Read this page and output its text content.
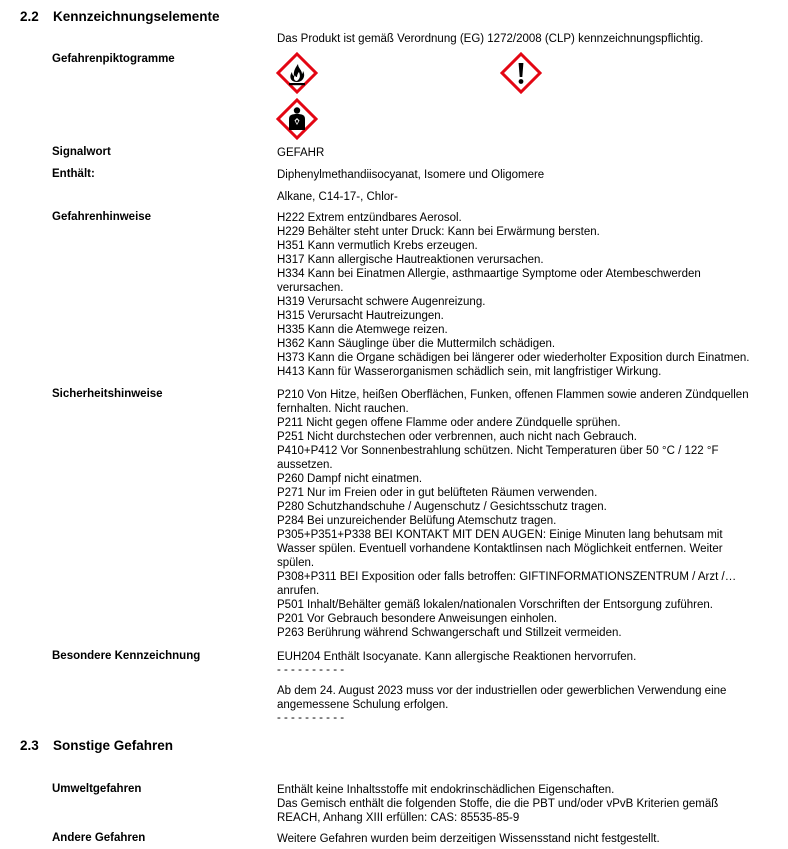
2.2 Kennzeichnungselemente
Das Produkt ist gemäß Verordnung (EG) 1272/2008 (CLP) kennzeichnungspflichtig.
Gefahrenpiktogramme
Signalwort	GEFAHR
Enthält:	Diphenylmethandiisocyanat, Isomere und Oligomere
Alkane, C14-17-, Chlor-
Gefahrenhinweise	H222 Extrem entzündbares Aerosol.
H229 Behälter steht unter Druck: Kann bei Erwärmung bersten.
H351 Kann vermutlich Krebs erzeugen.
H317 Kann allergische Hautreaktionen verursachen.
H334 Kann bei Einatmen Allergie, asthmaartige Symptome oder Atembeschwerden
verursachen.
H319 Verursacht schwere Augenreizung.
H315 Verursacht Hautreizungen.
H335 Kann die Atemwege reizen.
H362 Kann Säuglinge über die Muttermilch schädigen.
H373 Kann die Organe schädigen bei längerer oder wiederholter Exposition durch Einatmen.
H413 Kann für Wasserorganismen schädlich sein, mit langfristiger Wirkung.
Sicherheitshinweise	P210 Von Hitze, heißen Oberflächen, Funken, offenen Flammen sowie anderen Zündquellen
fernhalten. Nicht rauchen.
P211 Nicht gegen offene Flamme oder andere Zündquelle sprühen.
P251 Nicht durchstechen oder verbrennen, auch nicht nach Gebrauch.
P410+P412 Vor Sonnenbestrahlung schützen. Nicht Temperaturen über 50 °C / 122 °F
aussetzen.
P260 Dampf nicht einatmen.
P271 Nur im Freien oder in gut belüfteten Räumen verwenden.
P280 Schutzhandschuhe / Augenschutz / Gesichtsschutz tragen.
P284 Bei unzureichender Belüfung Atemschutz tragen.
P305+P351+P338 BEI KONTAKT MIT DEN AUGEN: Einige Minuten lang behutsam mit
Wasser spülen. Eventuell vorhandene Kontaktlinsen nach Möglichkeit entfernen. Weiter
spülen.
P308+P311 BEI Exposition oder falls betroffen: GIFTINFORMATIONSZENTRUM / Arzt /…
anrufen.
P501 Inhalt/Behälter gemäß lokalen/nationalen Vorschriften der Entsorgung zuführen.
P201 Vor Gebrauch besondere Anweisungen einholen.
P263 Berührung während Schwangerschaft und Stillzeit vermeiden.
Besondere Kennzeichnung	EUH204 Enthält Isocyanate. Kann allergische Reaktionen hervorrufen.
- - - - - - - - - -
Ab dem 24. August 2023 muss vor der industriellen oder gewerblichen Verwendung eine
angemessene Schulung erfolgen.
- - - - - - - - - -
2.3 Sonstige Gefahren
Umweltgefahren	Enthält keine Inhaltsstoffe mit endokrinschädlichen Eigenschaften.
Das Gemisch enthält die folgenden Stoffe, die die PBT und/oder vPvB Kriterien gemäß
REACH, Anhang XIII erfüllen: CAS: 85535-85-9
Andere Gefahren	Weitere Gefahren wurden beim derzeitigen Wissensstand nicht festgestellt.
